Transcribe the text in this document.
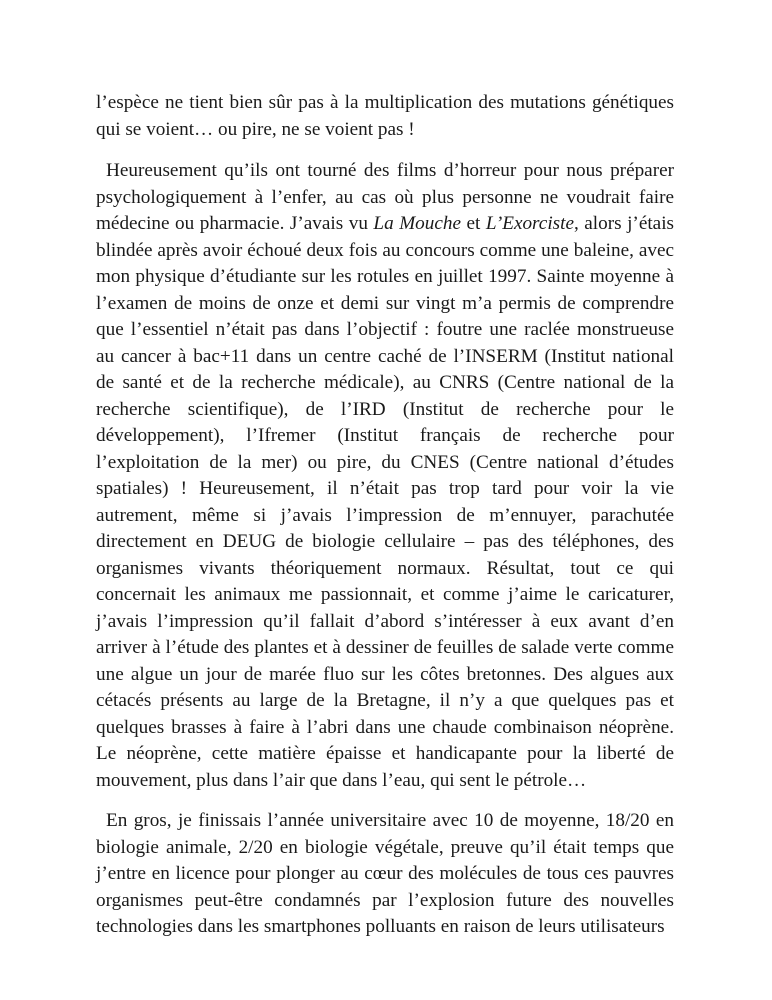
l’espèce ne tient bien sûr pas à la multiplication des mutations génétiques qui se voient… ou pire, ne se voient pas !

Heureusement qu’ils ont tourné des films d’horreur pour nous préparer psychologiquement à l’enfer, au cas où plus personne ne voudrait faire médecine ou pharmacie. J’avais vu La Mouche et L’Exorciste, alors j’étais blindée après avoir échoué deux fois au concours comme une baleine, avec mon physique d’étudiante sur les rotules en juillet 1997. Sainte moyenne à l’examen de moins de onze et demi sur vingt m’a permis de comprendre que l’essentiel n’était pas dans l’objectif : foutre une raclée monstrueuse au cancer à bac+11 dans un centre caché de l’INSERM (Institut national de santé et de la recherche médicale), au CNRS (Centre national de la recherche scientifique), de l’IRD (Institut de recherche pour le développement), l’Ifremer (Institut français de recherche pour l’exploitation de la mer) ou pire, du CNES (Centre national d’études spatiales) ! Heureusement, il n’était pas trop tard pour voir la vie autrement, même si j’avais l’impression de m’ennuyer, parachutée directement en DEUG de biologie cellulaire – pas des téléphones, des organismes vivants théoriquement normaux. Résultat, tout ce qui concernait les animaux me passionnait, et comme j’aime le caricaturer, j’avais l’impression qu’il fallait d’abord s’intéresser à eux avant d’en arriver à l’étude des plantes et à dessiner de feuilles de salade verte comme une algue un jour de marée fluo sur les côtes bretonnes. Des algues aux cétacés présents au large de la Bretagne, il n’y a que quelques pas et quelques brasses à faire à l’abri dans une chaude combinaison néoprène. Le néoprène, cette matière épaisse et handicapante pour la liberté de mouvement, plus dans l’air que dans l’eau, qui sent le pétrole…

En gros, je finissais l’année universitaire avec 10 de moyenne, 18/20 en biologie animale, 2/20 en biologie végétale, preuve qu’il était temps que j’entre en licence pour plonger au cœur des molécules de tous ces pauvres organismes peut-être condamnés par l’explosion future des nouvelles technologies dans les smartphones polluants en raison de leurs utilisateurs
